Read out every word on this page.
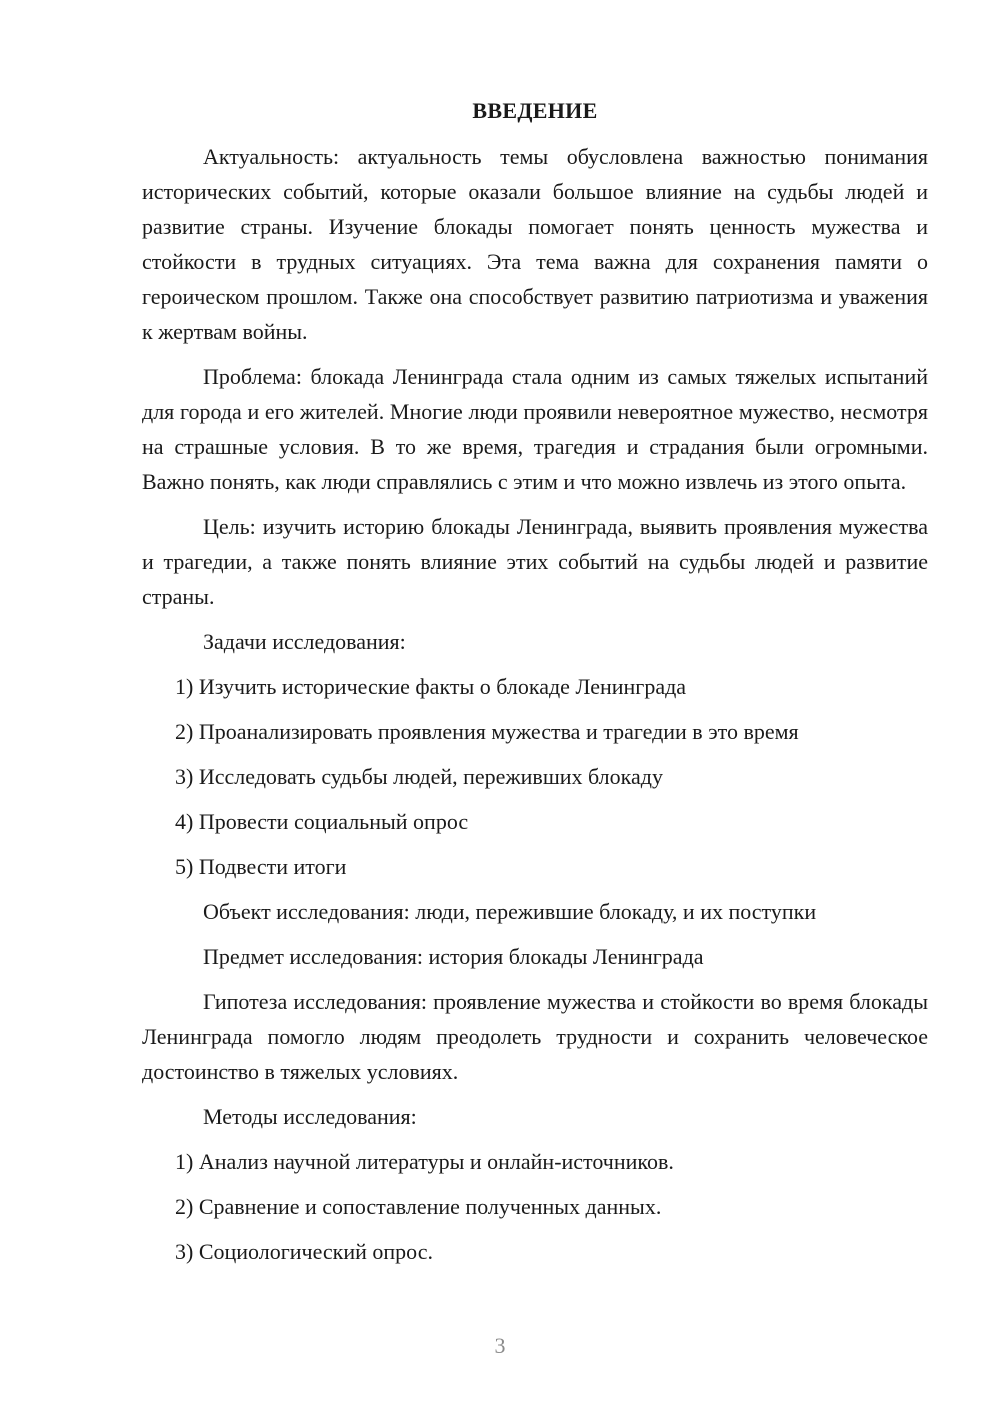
ВВЕДЕНИЕ

Актуальность: актуальность темы обусловлена важностью понимания исторических событий, которые оказали большое влияние на судьбы людей и развитие страны. Изучение блокады помогает понять ценность мужества и стойкости в трудных ситуациях. Эта тема важна для сохранения памяти о героическом прошлом. Также она способствует развитию патриотизма и уважения к жертвам войны.

Проблема: блокада Ленинграда стала одним из самых тяжелых испытаний для города и его жителей. Многие люди проявили невероятное мужество, несмотря на страшные условия. В то же время, трагедия и страдания были огромными. Важно понять, как люди справлялись с этим и что можно извлечь из этого опыта.

Цель: изучить историю блокады Ленинграда, выявить проявления мужества и трагедии, а также понять влияние этих событий на судьбы людей и развитие страны.

Задачи исследования:

1) Изучить исторические факты о блокаде Ленинграда

2) Проанализировать проявления мужества и трагедии в это время

3) Исследовать судьбы людей, переживших блокаду

4) Провести социальный опрос

5) Подвести итоги

Объект исследования: люди, пережившие блокаду, и их поступки

Предмет исследования: история блокады Ленинграда

Гипотеза исследования: проявление мужества и стойкости во время блокады Ленинграда помогло людям преодолеть трудности и сохранить человеческое достоинство в тяжелых условиях.

Методы исследования:

1) Анализ научной литературы и онлайн-источников.

2) Сравнение и сопоставление полученных данных.

3) Социологический опрос.

3
